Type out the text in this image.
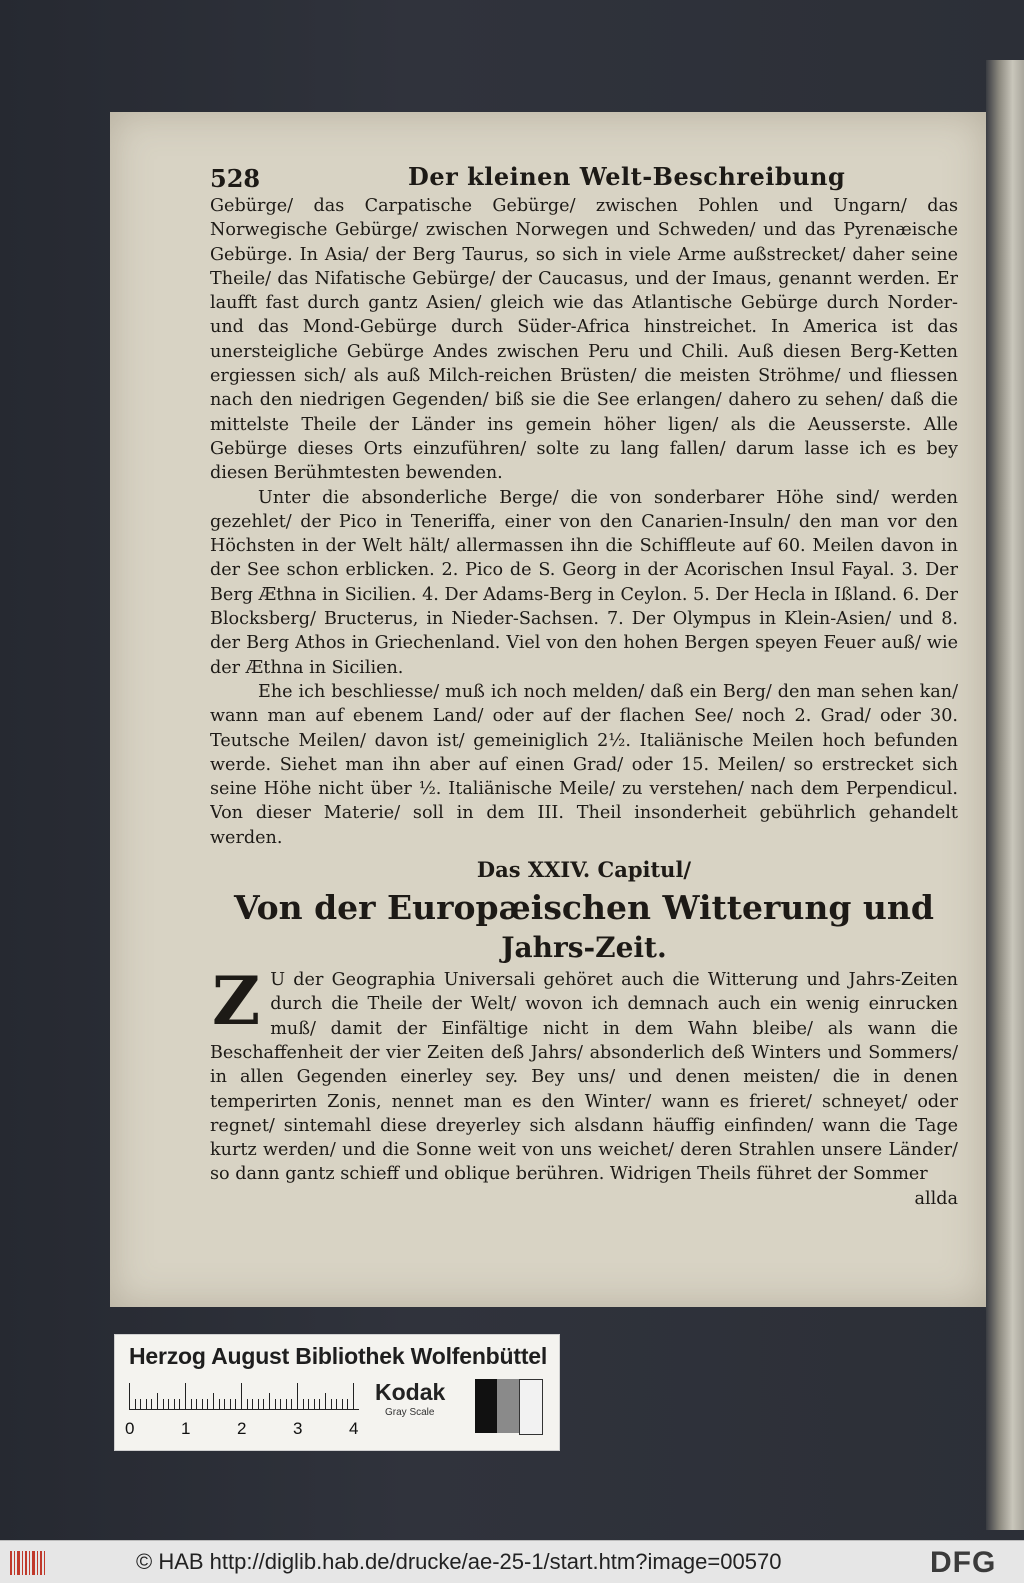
528	Der kleinen Welt-Beschreibung

Gebürge/ das Carpatische Gebürge/ zwischen Pohlen und Ungarn/ das Norwegische Gebürge/ zwischen Norwegen und Schweden/ und das Pyrenæische Gebürge. In Asia/ der Berg Taurus, so sich in viele Arme außstrecket/ daher seine Theile/ das Nifatische Gebürge/ der Caucasus, und der Imaus, genannt werden. Er laufft fast durch gantz Asien/ gleich wie das Atlantische Gebürge durch Norder- und das Mond-Gebürge durch Süder-Africa hinstreichet. In America ist das unersteigliche Gebürge Andes zwischen Peru und Chili. Auß diesen Berg-Ketten ergiessen sich/ als auß Milch-reichen Brüsten/ die meisten Ströhme/ und fliessen nach den niedrigen Gegenden/ biß sie die See erlangen/ dahero zu sehen/ daß die mittelste Theile der Länder ins gemein höher ligen/ als die Aeusserste. Alle Gebürge dieses Orts einzuführen/ solte zu lang fallen/ darum lasse ich es bey diesen Berühmtesten bewenden.

Unter die absonderliche Berge/ die von sonderbarer Höhe sind/ werden gezehlet/ der Pico in Teneriffa, einer von den Canarien-Insuln/ den man vor den Höchsten in der Welt hält/ allermassen ihn die Schiffleute auf 60. Meilen davon in der See schon erblicken. 2. Pico de S. Georg in der Acorischen Insul Fayal. 3. Der Berg Æthna in Sicilien. 4. Der Adams-Berg in Ceylon. 5. Der Hecla in Ißland. 6. Der Blocksberg/ Bructerus, in Nieder-Sachsen. 7. Der Olympus in Klein-Asien/ und 8. der Berg Athos in Griechenland. Viel von den hohen Bergen speyen Feuer auß/ wie der Æthna in Sicilien.

Ehe ich beschliesse/ muß ich noch melden/ daß ein Berg/ den man sehen kan/ wann man auf ebenem Land/ oder auf der flachen See/ noch 2. Grad/ oder 30. Teutsche Meilen/ davon ist/ gemeiniglich 2½. Italiänische Meilen hoch befunden werde. Siehet man ihn aber auf einen Grad/ oder 15. Meilen/ so erstrecket sich seine Höhe nicht über ½. Italiänische Meile/ zu verstehen/ nach dem Perpendicul. Von dieser Materie/ soll in dem III. Theil insonderheit gebührlich gehandelt werden.

Das XXIV. Capitul/
Von der Europæischen Witterung und
Jahrs-Zeit.

Z U der Geographia Universali gehöret auch die Witterung und Jahrs-Zeiten durch die Theile der Welt/ wovon ich demnach auch ein wenig einrucken muß/ damit der Einfältige nicht in dem Wahn bleibe/ als wann die Beschaffenheit der vier Zeiten deß Jahrs/ absonderlich deß Winters und Sommers/ in allen Gegenden einerley sey. Bey uns/ und denen meisten/ die in denen temperirten Zonis, nennet man es den Winter/ wann es frieret/ schneyet/ oder regnet/ sintemahl diese dreyerley sich alsdann häuffig einfinden/ wann die Tage kurtz werden/ und die Sonne weit von uns weichet/ deren Strahlen unsere Länder/ so dann gantz schieff und oblique berühren. Widrigen Theils führet der Sommer

allda

Herzog August Bibliothek Wolfenbüttel
0	1	2	3	4
Kodak
Gray Scale
© HAB http://diglib.hab.de/drucke/ae-25-1/start.htm?image=00570	DFG
